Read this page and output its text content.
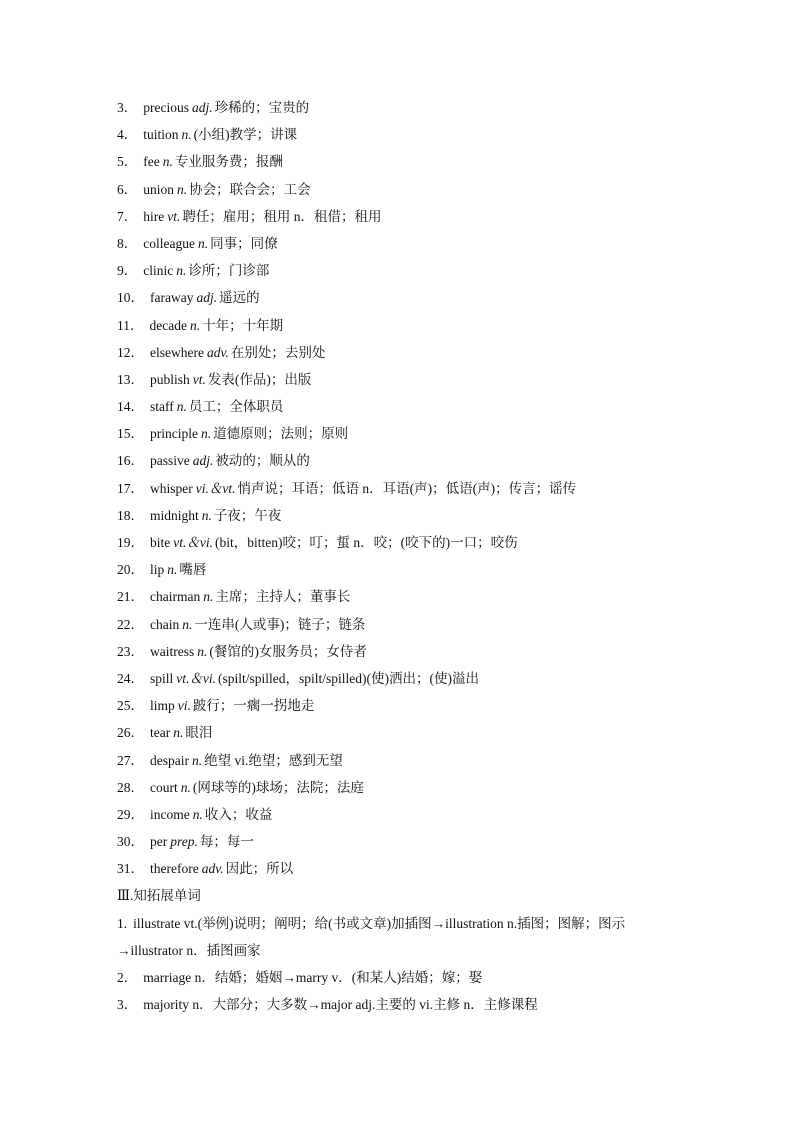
3． precious adj. 珍稀的；宝贵的
4． tuition n. (小组)教学；讲课
5． fee n. 专业服务费；报酬
6． union n. 协会；联合会；工会
7． hire vt. 聘任；雇用；租用 n．租借；租用
8． colleague n. 同事；同僚
9． clinic n. 诊所；门诊部
10． faraway adj. 遥远的
11． decade n. 十年；十年期
12． elsewhere adv. 在别处；去别处
13． publish vt. 发表(作品)；出版
14． staff n. 员工；全体职员
15． principle n. 道德原则；法则；原则
16． passive adj. 被动的；顺从的
17． whisper vi.＆vt. 悄声说；耳语；低语 n．耳语(声)；低语(声)；传言；谣传
18． midnight n. 子夜；午夜
19． bite vt.＆vi. (bit，bitten)咬；叮；蜇 n．咬；(咬下的)一口；咬伤
20． lip n. 嘴唇
21． chairman n. 主席；主持人；董事长
22． chain n. 一连串(人或事)；链子；链条
23． waitress n. (餐馆的)女服务员；女侍者
24． spill vt.＆vi. (spilt/spilled，spilt/spilled)(使)洒出；(使)溢出
25． limp vi. 跛行；一瘸一拐地走
26． tear n. 眼泪
27． despair n. 绝望 vi.绝望；感到无望
28． court n. (网球等的)球场；法院；法庭
29． income n. 收入；收益
30． per prep. 每；每一
31． therefore adv. 因此；所以
Ⅲ.知拓展单词
1. illustrate vt.(举例)说明；阐明；给(书或文章)加插图→illustration n.插图；图解；图示→illustrator n．插图画家
2． marriage n．结婚；婚姻→marry v．(和某人)结婚；嫁；娶
3． majority n．大部分；大多数→major adj.主要的 vi.主修 n．主修课程
